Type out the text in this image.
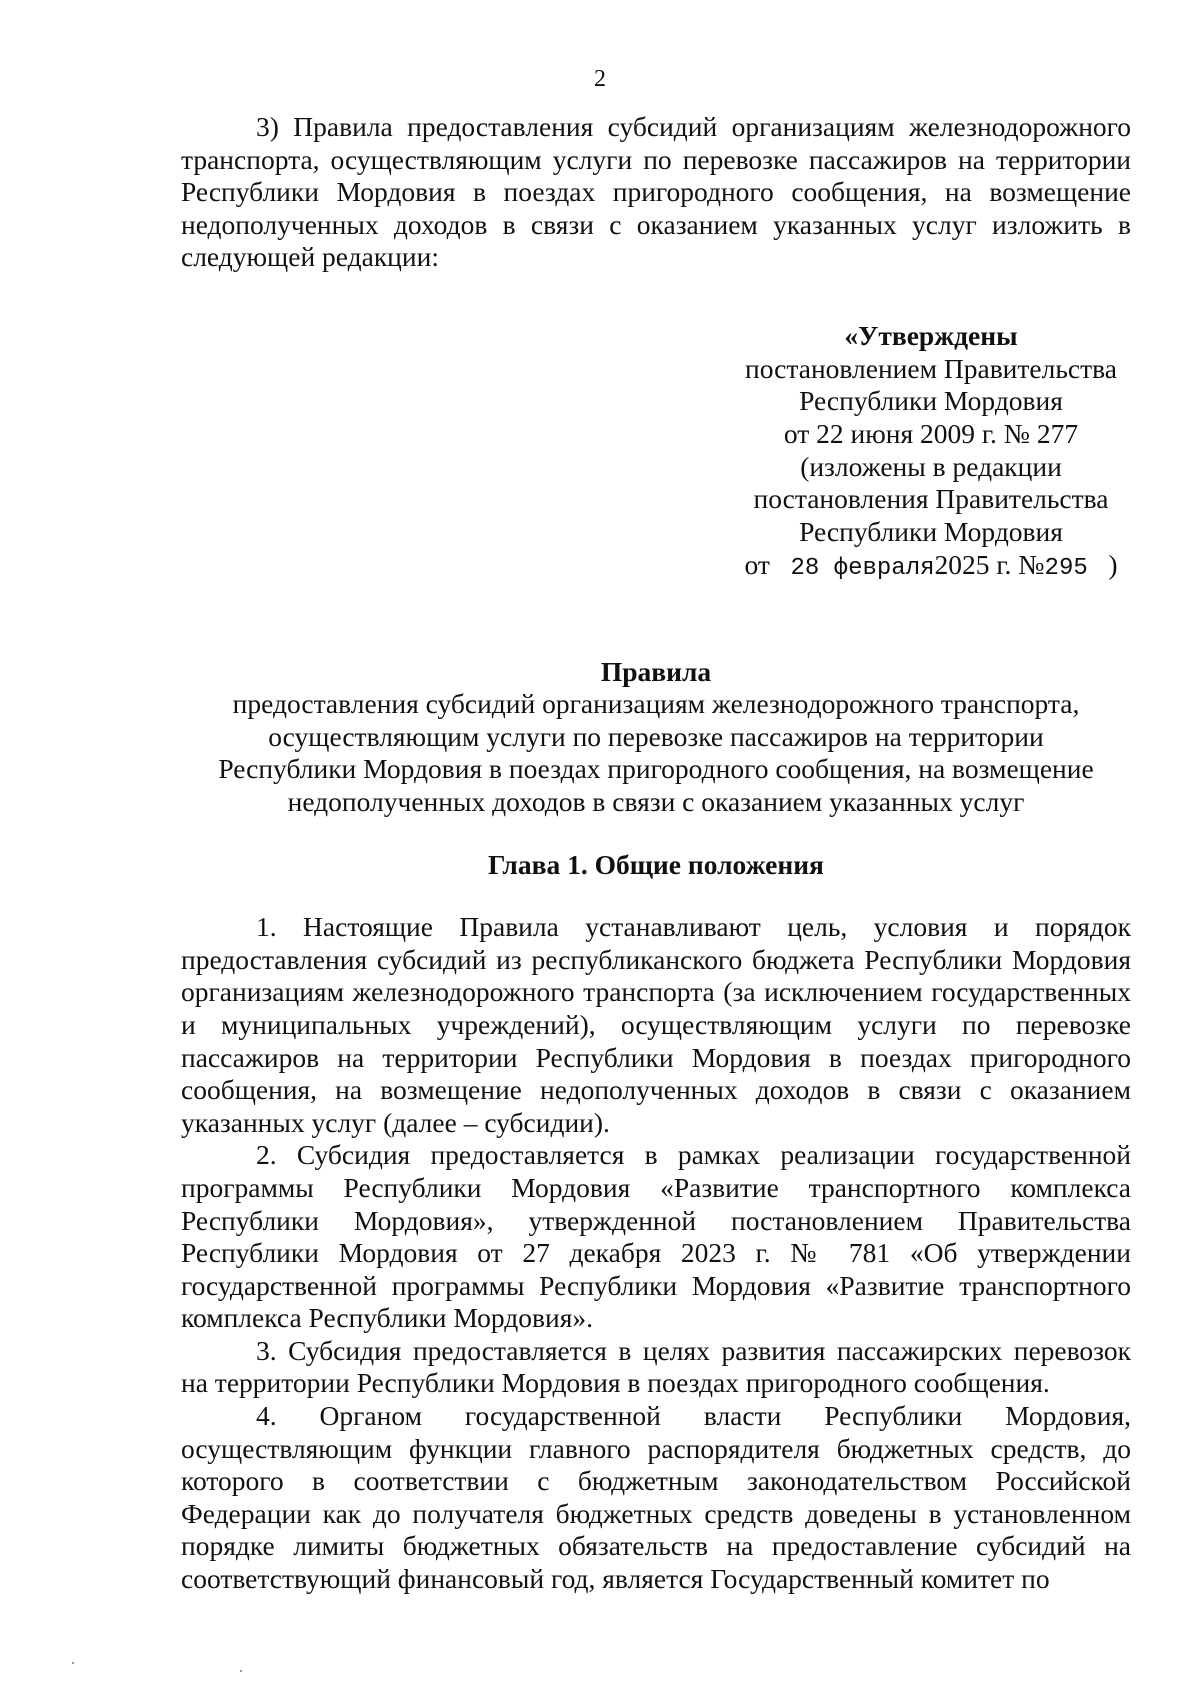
2

3) Правила предоставления субсидий организациям железнодорожного транспорта, осуществляющим услуги по перевозке пассажиров на территории Республики Мордовия в поездах пригородного сообщения, на возмещение недополученных доходов в связи с оказанием указанных услуг изложить в следующей редакции:

«Утверждены
постановлением Правительства
Республики Мордовия
от 22 июня 2009 г. № 277
(изложены в редакции
постановления Правительства
Республики Мордовия
от 28 февраля2025 г. №295 )
Правила
предоставления субсидий организациям железнодорожного транспорта,
осуществляющим услуги по перевозке пассажиров на территории
Республики Мордовия в поездах пригородного сообщения, на возмещение
недополученных доходов в связи с оказанием указанных услуг
Глава 1. Общие положения

1. Настоящие Правила устанавливают цель, условия и порядок предоставления субсидий из республиканского бюджета Республики Мордовия организациям железнодорожного транспорта (за исключением государственных и муниципальных учреждений), осуществляющим услуги по перевозке пассажиров на территории Республики Мордовия в поездах пригородного сообщения, на возмещение недополученных доходов в связи с оказанием указанных услуг (далее – субсидии).

2. Субсидия предоставляется в рамках реализации государственной программы Республики Мордовия «Развитие транспортного комплекса Республики Мордовия», утвержденной постановлением Правительства Республики Мордовия от 27 декабря 2023 г. № 781 «Об утверждении государственной программы Республики Мордовия «Развитие транспортного комплекса Республики Мордовия».

3. Субсидия предоставляется в целях развития пассажирских перевозок на территории Республики Мордовия в поездах пригородного сообщения.

4. Органом государственной власти Республики Мордовия, осуществляющим функции главного распорядителя бюджетных средств, до которого в соответствии с бюджетным законодательством Российской Федерации как до получателя бюджетных средств доведены в установленном порядке лимиты бюджетных обязательств на предоставление субсидий на соответствующий финансовый год, является Государственный комитет по
